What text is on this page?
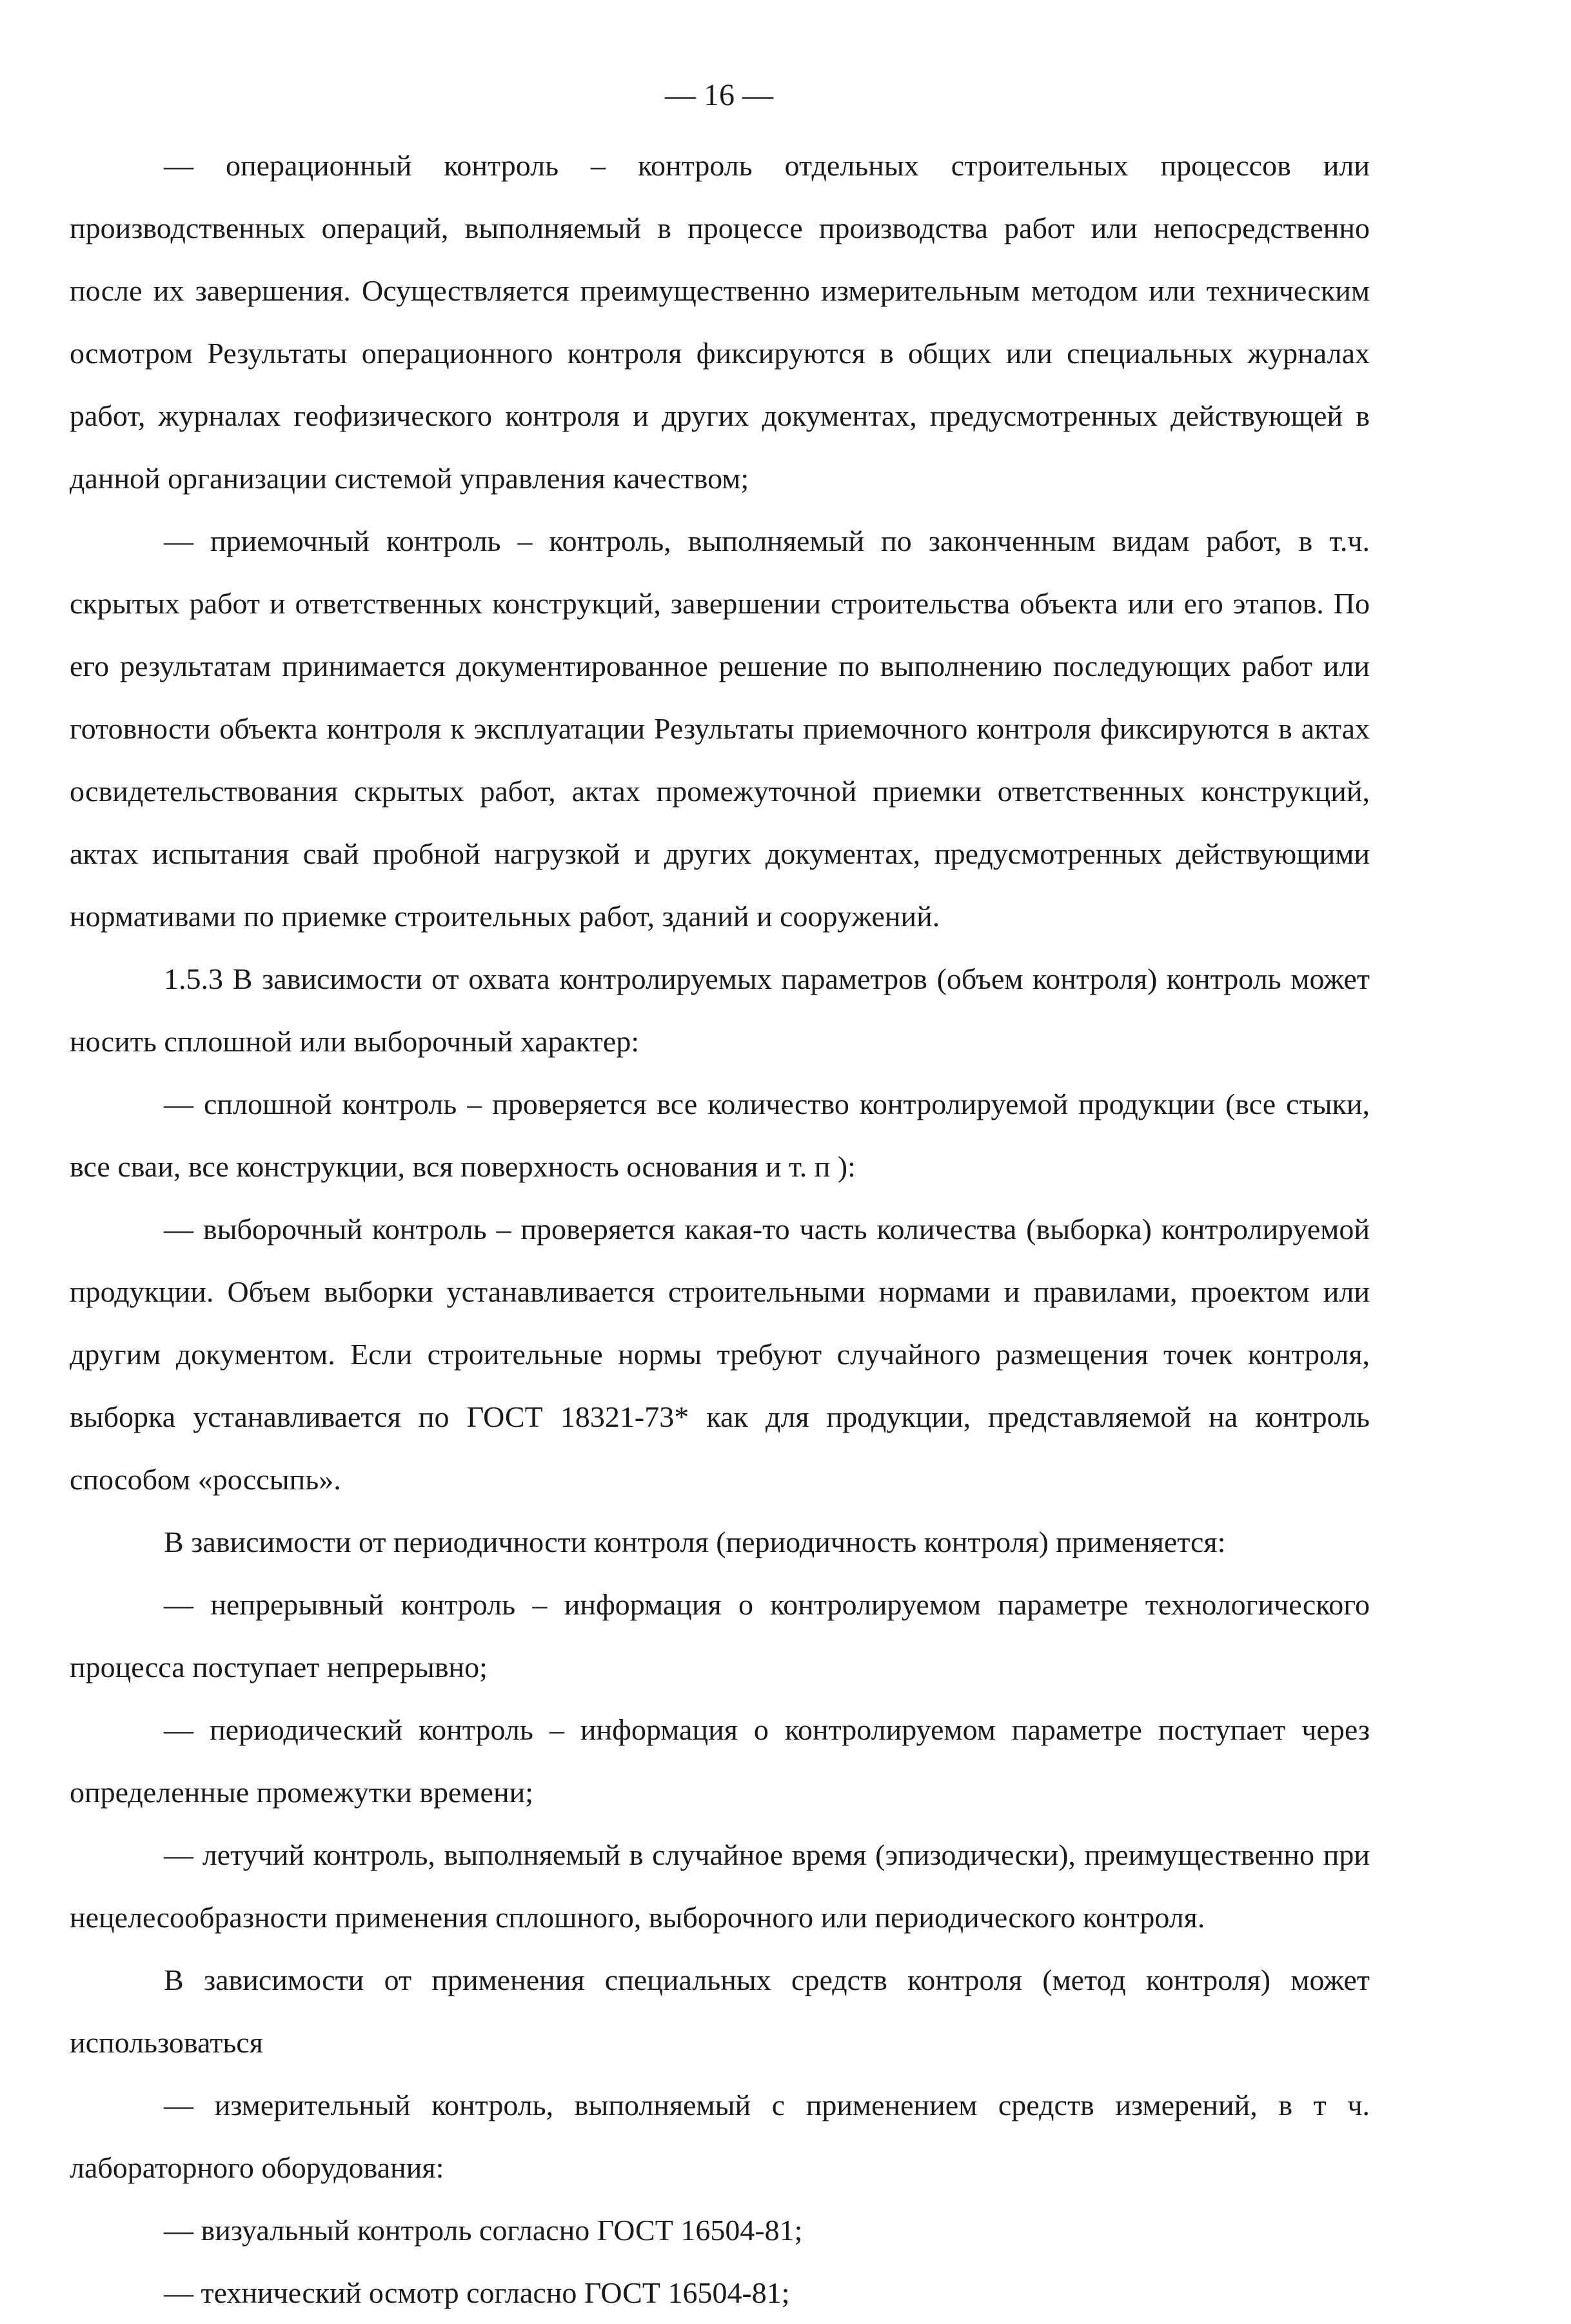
— 16 —

— операционный контроль – контроль отдельных строительных процессов или производственных операций, выполняемый в процессе производства работ или непосредственно после их завершения. Осуществляется преимущественно измерительным методом или техническим осмотром Результаты операционного контроля фиксируются в общих или специальных журналах работ, журналах геофизического контроля и других документах, предусмотренных действующей в данной организации системой управления качеством;

— приемочный контроль – контроль, выполняемый по законченным видам работ, в т.ч. скрытых работ и ответственных конструкций, завершении строительства объекта или его этапов. По его результатам принимается документированное решение по выполнению последующих работ или готовности объекта контроля к эксплуатации Результаты приемочного контроля фиксируются в актах освидетельствования скрытых работ, актах промежуточной приемки ответственных конструкций, актах испытания свай пробной нагрузкой и других документах, предусмотренных действующими нормативами по приемке строительных работ, зданий и сооружений.

1.5.3 В зависимости от охвата контролируемых параметров (объем контроля) контроль может носить сплошной или выборочный характер:

— сплошной контроль – проверяется все количество контролируемой продукции (все стыки, все сваи, все конструкции, вся поверхность основания и т. п ):

— выборочный контроль – проверяется какая-то часть количества (выборка) контролируемой продукции. Объем выборки устанавливается строительными нормами и правилами, проектом или другим документом. Если строительные нормы требуют случайного размещения точек контроля, выборка устанавливается по ГОСТ 18321-73* как для продукции, представляемой на контроль способом «россыпь».

В зависимости от периодичности контроля (периодичность контроля) применяется:

— непрерывный контроль – информация о контролируемом параметре технологического процесса поступает непрерывно;

— периодический контроль – информация о контролируемом параметре поступает через определенные промежутки времени;

— летучий контроль, выполняемый в случайное время (эпизодически), преимущественно при нецелесообразности применения сплошного, выборочного или периодического контроля.

В зависимости от применения специальных средств контроля (метод контроля) может использоваться

— измерительный контроль, выполняемый с применением средств измерений, в т ч. лабораторного оборудования:

— визуальный контроль согласно ГОСТ 16504-81;

— технический осмотр согласно ГОСТ 16504-81;
